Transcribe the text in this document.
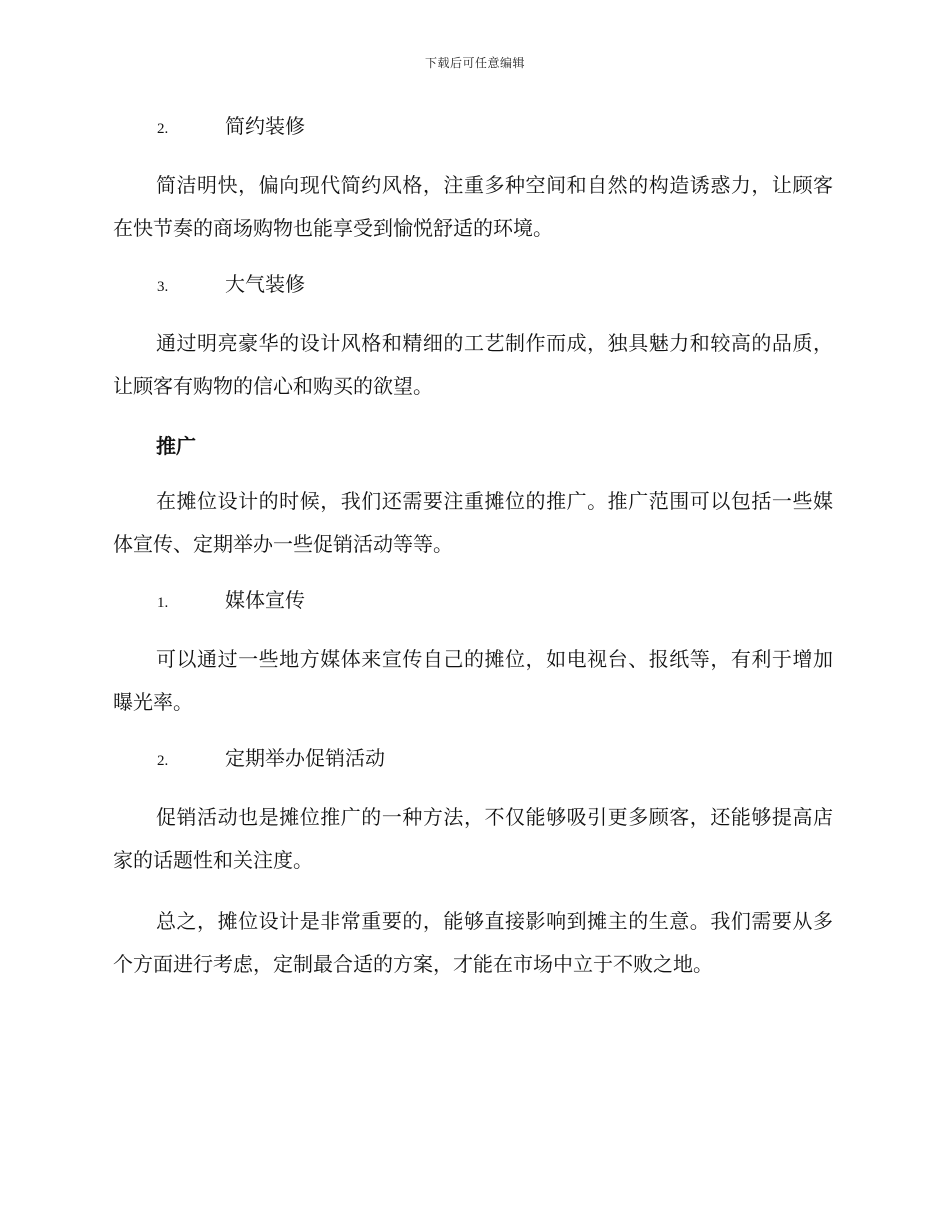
下载后可任意编辑
2.	简约装修

简洁明快，偏向现代简约风格，注重多种空间和自然的构造诱惑力，让顾客在快节奏的商场购物也能享受到愉悦舒适的环境。

3.	大气装修

通过明亮豪华的设计风格和精细的工艺制作而成，独具魅力和较高的品质，让顾客有购物的信心和购买的欲望。

推广

在摊位设计的时候，我们还需要注重摊位的推广。推广范围可以包括一些媒体宣传、定期举办一些促销活动等等。

1.	媒体宣传

可以通过一些地方媒体来宣传自己的摊位，如电视台、报纸等，有利于增加曝光率。

2.	定期举办促销活动

促销活动也是摊位推广的一种方法，不仅能够吸引更多顾客，还能够提高店家的话题性和关注度。

总之，摊位设计是非常重要的，能够直接影响到摊主的生意。我们需要从多个方面进行考虑，定制最合适的方案，才能在市场中立于不败之地。
